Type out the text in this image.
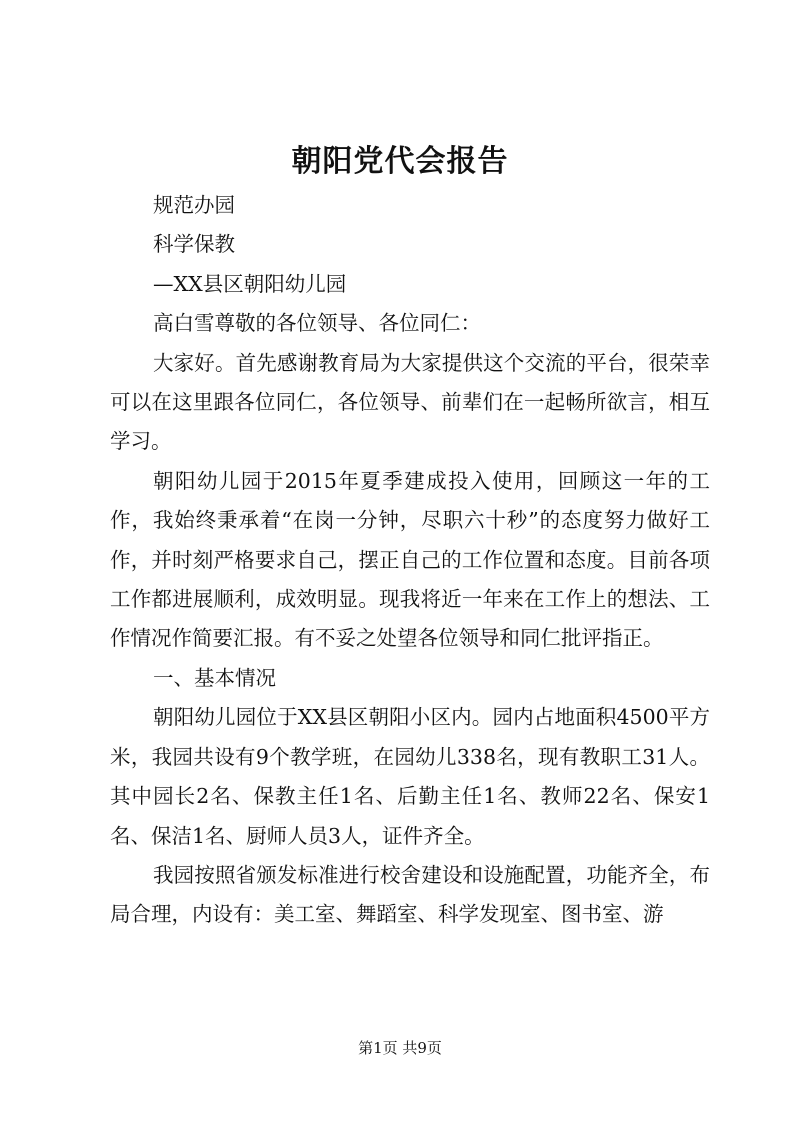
朝阳党代会报告

规范办园

科学保教

—XX县区朝阳幼儿园

高白雪尊敬的各位领导、各位同仁：

大家好。首先感谢教育局为大家提供这个交流的平台，很荣幸可以在这里跟各位同仁，各位领导、前辈们在一起畅所欲言，相互学习。

朝阳幼儿园于2015年夏季建成投入使用，回顾这一年的工作，我始终秉承着“在岗一分钟，尽职六十秒”的态度努力做好工作，并时刻严格要求自己，摆正自己的工作位置和态度。目前各项工作都进展顺利，成效明显。现我将近一年来在工作上的想法、工作情况作简要汇报。有不妥之处望各位领导和同仁批评指正。

一、基本情况

朝阳幼儿园位于XX县区朝阳小区内。园内占地面积4500平方米，我园共设有9个教学班，在园幼儿338名，现有教职工31人。其中园长2名、保教主任1名、后勤主任1名、教师22名、保安1名、保洁1名、厨师人员3人，证件齐全。

我园按照省颁发标准进行校舍建设和设施配置，功能齐全，布局合理，内设有：美工室、舞蹈室、科学发现室、图书室、游

第1页 共9页
